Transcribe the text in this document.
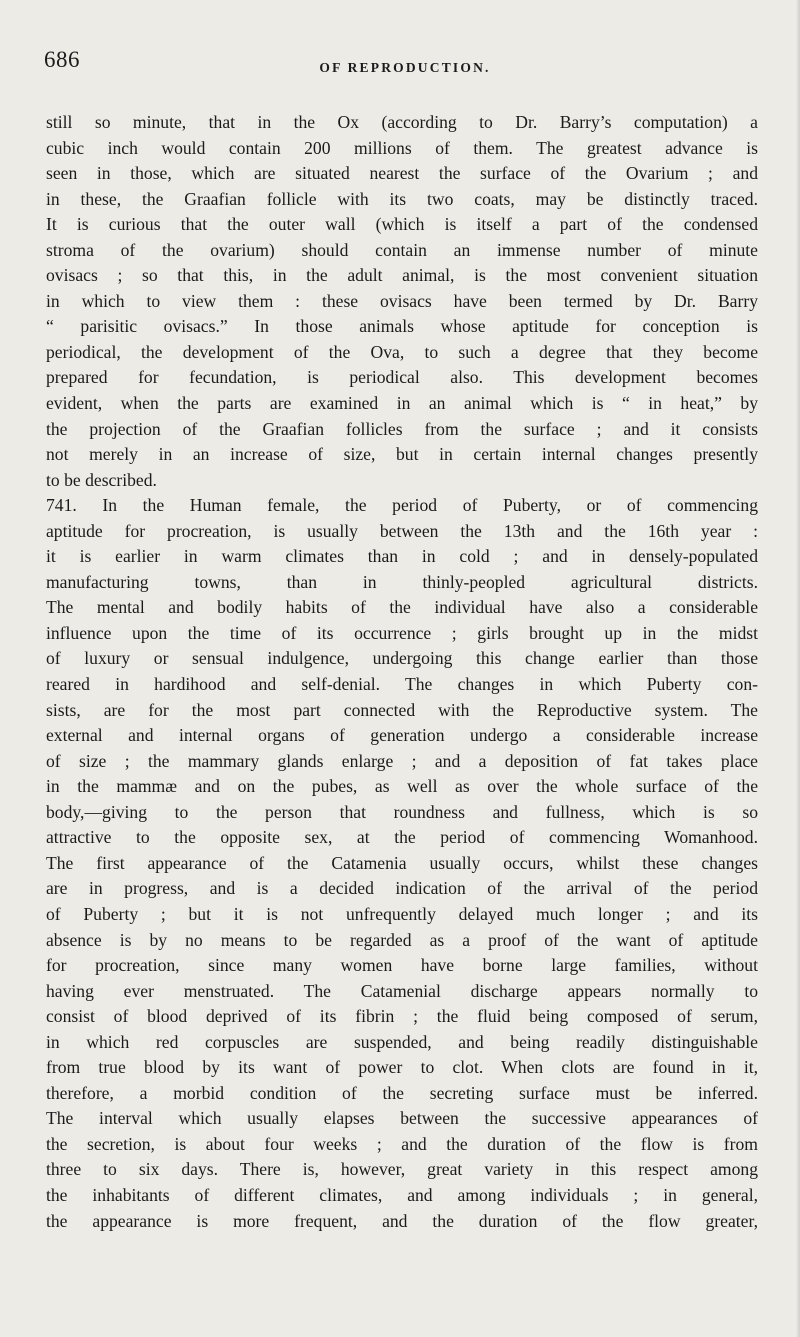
686	OF REPRODUCTION.
still so minute, that in the Ox (according to Dr. Barry’s computation) a
cubic inch would contain 200 millions of them. The greatest advance is
seen in those, which are situated nearest the surface of the Ovarium ; and
in these, the Graafian follicle with its two coats, may be distinctly traced.
It is curious that the outer wall (which is itself a part of the condensed
stroma of the ovarium) should contain an immense number of minute
ovisacs ; so that this, in the adult animal, is the most convenient situation
in which to view them : these ovisacs have been termed by Dr. Barry
“ parisitic ovisacs.” In those animals whose aptitude for conception is
periodical, the development of the Ova, to such a degree that they become
prepared for fecundation, is periodical also. This development becomes
evident, when the parts are examined in an animal which is “ in heat,” by
the projection of the Graafian follicles from the surface ; and it consists
not merely in an increase of size, but in certain internal changes presently
to be described.
741. In the Human female, the period of Puberty, or of commencing
aptitude for procreation, is usually between the 13th and the 16th year :
it is earlier in warm climates than in cold ; and in densely-populated
manufacturing towns, than in thinly-peopled agricultural districts.
The mental and bodily habits of the individual have also a considerable
influence upon the time of its occurrence ; girls brought up in the midst
of luxury or sensual indulgence, undergoing this change earlier than those
reared in hardihood and self-denial. The changes in which Puberty con-
sists, are for the most part connected with the Reproductive system. The
external and internal organs of generation undergo a considerable increase
of size ; the mammary glands enlarge ; and a deposition of fat takes place
in the mammæ and on the pubes, as well as over the whole surface of the
body,—giving to the person that roundness and fullness, which is so
attractive to the opposite sex, at the period of commencing Womanhood.
The first appearance of the Catamenia usually occurs, whilst these changes
are in progress, and is a decided indication of the arrival of the period
of Puberty ; but it is not unfrequently delayed much longer ; and its
absence is by no means to be regarded as a proof of the want of aptitude
for procreation, since many women have borne large families, without
having ever menstruated. The Catamenial discharge appears normally to
consist of blood deprived of its fibrin ; the fluid being composed of serum,
in which red corpuscles are suspended, and being readily distinguishable
from true blood by its want of power to clot. When clots are found in it,
therefore, a morbid condition of the secreting surface must be inferred.
The interval which usually elapses between the successive appearances of
the secretion, is about four weeks ; and the duration of the flow is from
three to six days. There is, however, great variety in this respect among
the inhabitants of different climates, and among individuals ; in general,
the appearance is more frequent, and the duration of the flow greater,
